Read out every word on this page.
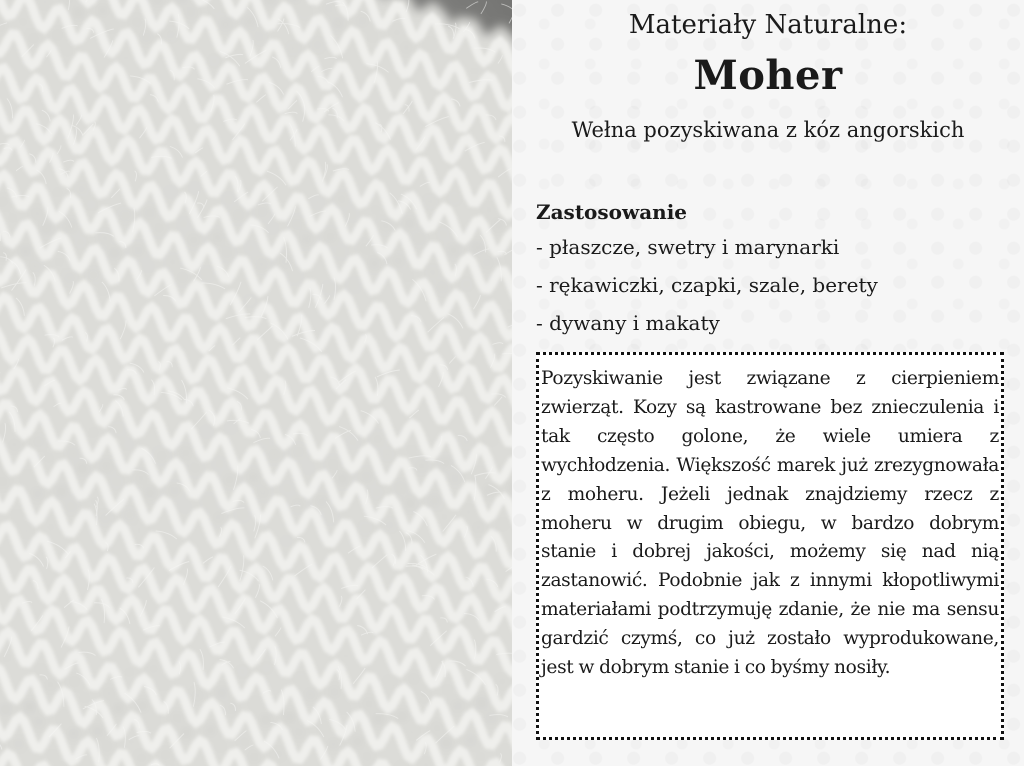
Materiały Naturalne:
Moher
Wełna pozyskiwana z kóz angorskich
Zastosowanie
- płaszcze, swetry i marynarki
- rękawiczki, czapki, szale, berety
- dywany i makaty

Pozyskiwanie jest związane z cierpieniem zwierząt. Kozy są kastrowane bez znieczulenia i tak często golone, że wiele umiera z wychłodzenia. Większość marek już zrezygnowała z moheru. Jeżeli jednak znajdziemy rzecz z moheru w drugim obiegu, w bardzo dobrym stanie i dobrej jakości, możemy się nad nią zastanowić. Podobnie jak z innymi kłopotliwymi materiałami podtrzymuję zdanie, że nie ma sensu gardzić czymś, co już zostało wyprodukowane, jest w dobrym stanie i co byśmy nosiły.
